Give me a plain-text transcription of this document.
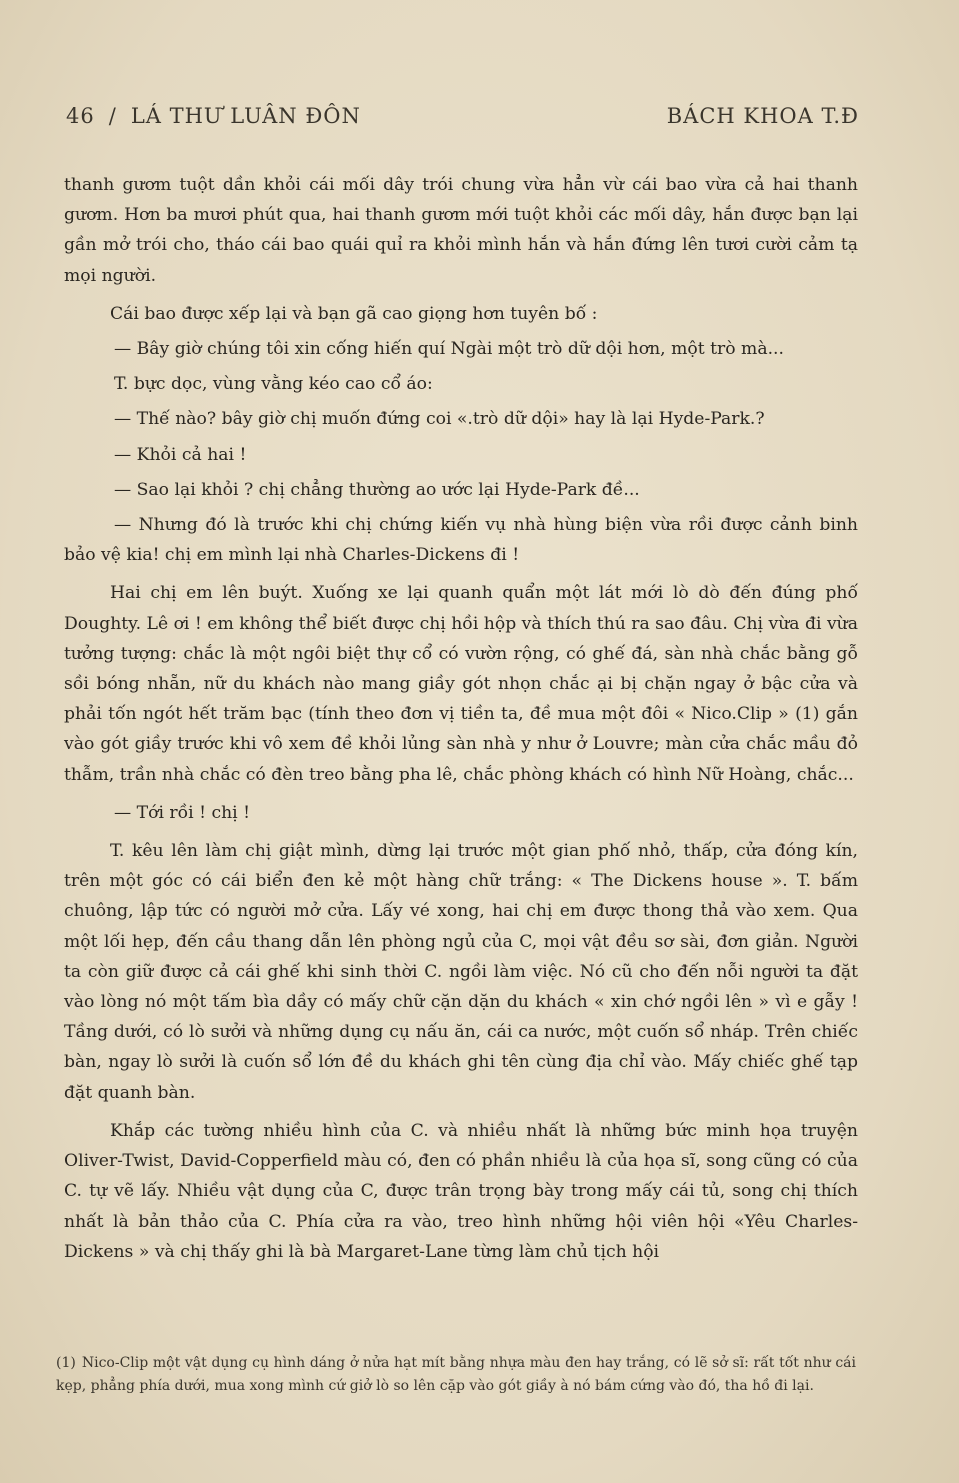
46 / LÁ THƯ LUÂN ĐÔN	BÁCH KHOA T.Đ

thanh gươm tuột dần khỏi cái mối dây trói chung vừa hẳn vừ cái bao vừa cả hai thanh gươm. Hơn ba mươi phút qua, hai thanh gươm mới tuột khỏi các mối dây, hắn được bạn lại gần mở trói cho, tháo cái bao quái quỉ ra khỏi mình hắn và hắn đứng lên tươi cười cảm tạ mọi người.

Cái bao được xếp lại và bạn gã cao giọng hơn tuyên bố :

— Bây giờ chúng tôi xin cống hiến quí Ngài một trò dữ dội hơn, một trò mà...

T. bực dọc, vùng vằng kéo cao cổ áo:

— Thế nào? bây giờ chị muốn đứng coi «.trò dữ dội» hay là lại Hyde-Park.?

— Khỏi cả hai !

— Sao lại khỏi ? chị chẳng thường ao ước lại Hyde-Park đề...

— Nhưng đó là trước khi chị chứng kiến vụ nhà hùng biện vừa rồi được cảnh binh bảo vệ kia! chị em mình lại nhà Charles-Dickens đi !

Hai chị em lên buýt. Xuống xe lại quanh quẩn một lát mới lò dò đến đúng phố Doughty. Lê ơi ! em không thể biết được chị hồi hộp và thích thú ra sao đâu. Chị vừa đi vừa tưởng tượng: chắc là một ngôi biệt thự cổ có vườn rộng, có ghế đá, sàn nhà chắc bằng gỗ sồi bóng nhẵn, nữ du khách nào mang giầy gót nhọn chắc ại bị chặn ngay ở bậc cửa và phải tốn ngót hết trăm bạc (tính theo đơn vị tiền ta, đề mua một đôi « Nico.Clip » (1) gắn vào gót giầy trước khi vô xem đề khỏi lủng sàn nhà y như ở Louvre; màn cửa chắc mầu đỏ thẫm, trần nhà chắc có đèn treo bằng pha lê, chắc phòng khách có hình Nữ Hoàng, chắc...

— Tới rồi ! chị !

T. kêu lên làm chị giật mình, dừng lại trước một gian phố nhỏ, thấp, cửa đóng kín, trên một góc có cái biển đen kẻ một hàng chữ trắng: « The Dickens house ». T. bấm chuông, lập tức có người mở cửa. Lấy vé xong, hai chị em được thong thả vào xem. Qua một lối hẹp, đến cầu thang dẫn lên phòng ngủ của C, mọi vật đều sơ sài, đơn giản. Người ta còn giữ được cả cái ghế khi sinh thời C. ngồi làm việc. Nó cũ cho đến nỗi người ta đặt vào lòng nó một tấm bìa dầy có mấy chữ cặn dặn du khách « xin chớ ngồi lên » vì e gẫy ! Tầng dưới, có lò sưởi và những dụng cụ nấu ăn, cái ca nước, một cuốn sổ nháp. Trên chiếc bàn, ngay lò sưởi là cuốn sổ lớn đề du khách ghi tên cùng địa chỉ vào. Mấy chiếc ghế tạp đặt quanh bàn.

Khắp các tường nhiều hình của C. và nhiều nhất là những bức minh họa truyện Oliver-Twist, David-Copperfield màu có, đen có phần nhiều là của họa sĩ, song cũng có của C. tự vẽ lấy. Nhiều vật dụng của C, được trân trọng bày trong mấy cái tủ, song chị thích nhất là bản thảo của C. Phía cửa ra vào, treo hình những hội viên hội «Yêu Charles-Dickens » và chị thấy ghi là bà Margaret-Lane từng làm chủ tịch hội

(1) Nico-Clip một vật dụng cụ hình dáng ở nửa hạt mít bằng nhựa màu đen hay trắng, có lẽ sở sĩ: rất tốt như cái kẹp, phẳng phía dưới, mua xong mình cứ giở lò so lên cặp vào gót giầy à nó bám cứng vào đó, tha hồ đi lại.
